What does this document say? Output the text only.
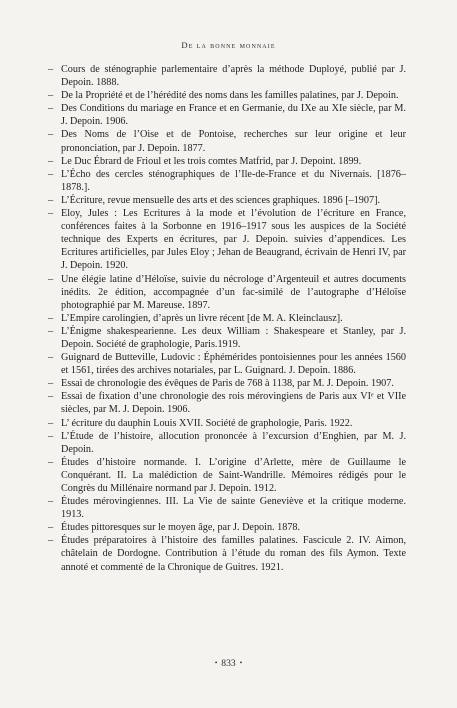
De la bonne monnaie
– Cours de sténographie parlementaire d’après la méthode Duployé, publié par J. Depoin. 1888.
– De la Propriété et de l’hérédité des noms dans les familles palatines, par J. Depoin.
– Des Conditions du mariage en France et en Germanie, du IXe au XIe siècle, par M. J. Depoin. 1906.
– Des Noms de l’Oise et de Pontoise, recherches sur leur origine et leur prononciation, par J. Depoin. 1877.
– Le Duc Ébrard de Frioul et les trois comtes Matfrid, par J. Depoint. 1899.
– L’Écho des cercles sténographiques de l’Ile-de-France et du Nivernais. [1876–1878.].
– L’Écriture, revue mensuelle des arts et des sciences graphiques. 1896 [–1907].
– Eloy, Jules : Les Ecritures à la mode et l’évolution de l’écriture en France, conférences faites à la Sorbonne en 1916–1917 sous les auspices de la Société technique des Experts en écritures, par J. Depoin. suivies d’appendices. Les Ecritures artificielles, par Jules Eloy ; Jehan de Beaugrand, écrivain de Henri IV, par J. Depoin. 1920.
– Une élégie latine d’Héloïse, suivie du nécrologe d’Argenteuil et autres documents inédits. 2e édition, accompagnée d’un fac-similé de l’autographe d’Héloïse photographié par M. Mareuse. 1897.
– L’Empire carolingien, d’après un livre récent [de M. A. Kleinclausz].
– L’Énigme shakespearienne. Les deux William : Shakespeare et Stanley, par J. Depoin. Société de graphologie, Paris.1919.
– Guignard de Butteville, Ludovic : Éphémérides pontoisiennes pour les années 1560 et 1561, tirées des archives notariales, par L. Guignard. J. Depoin. 1886.
– Essai de chronologie des évêques de Paris de 768 à 1138, par M. J. Depoin. 1907.
– Essai de fixation d’une chronologie des rois mérovingiens de Paris aux VIᵉ et VIIe siècles, par M. J. Depoin. 1906.
– L’ écriture du dauphin Louis XVII. Société de graphologie, Paris. 1922.
– L’Étude de l’histoire, allocution prononcée à l’excursion d’Enghien, par M. J. Depoin.
– Études d’histoire normande. I. L’origine d’Arlette, mère de Guillaume le Conquérant. II. La malédiction de Saint-Wandrille. Mémoires rédigés pour le Congrès du Millénaire normand par J. Depoin. 1912.
– Études mérovingiennes. III. La Vie de sainte Geneviève et la critique moderne. 1913.
– Études pittoresques sur le moyen âge, par J. Depoin. 1878.
– Études préparatoires à l’histoire des familles palatines. Fascicule 2. IV. Aimon, châtelain de Dordogne. Contribution à l’étude du roman des fils Aymon. Texte annoté et commenté de la Chronique de Guitres. 1921.
• 833 •
